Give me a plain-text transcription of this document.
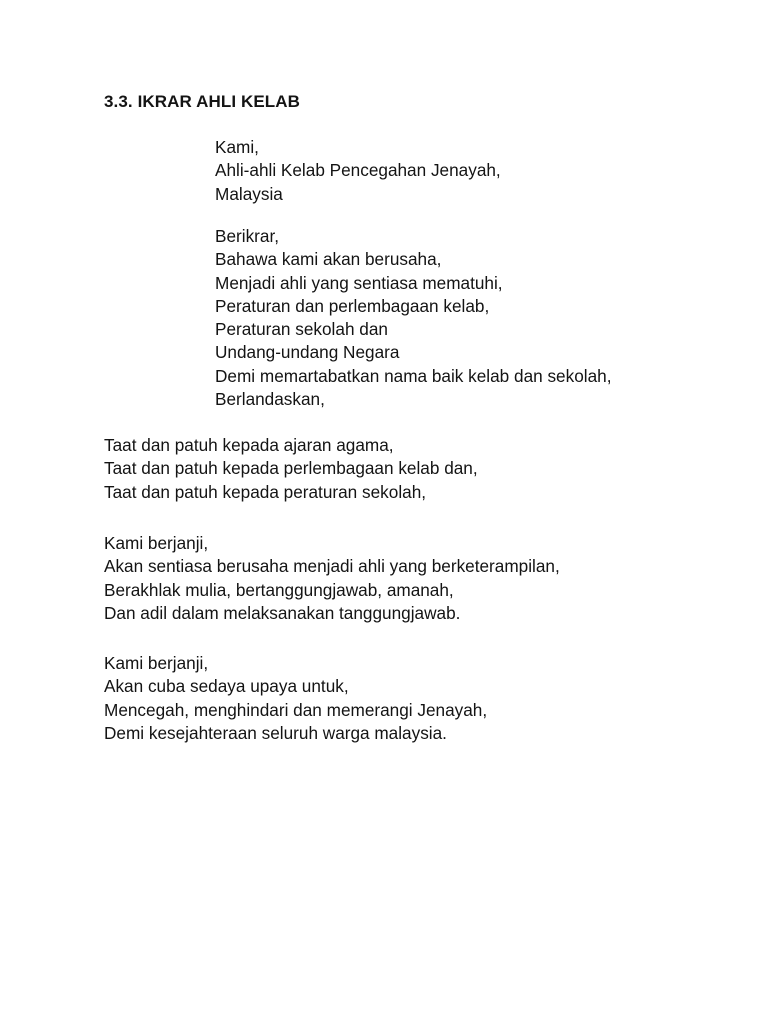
3.3. IKRAR AHLI KELAB
Kami,
Ahli-ahli Kelab Pencegahan Jenayah,
Malaysia
Berikrar,
Bahawa kami akan berusaha,
Menjadi ahli yang sentiasa mematuhi,
Peraturan dan perlembagaan kelab,
Peraturan sekolah dan
Undang-undang Negara
Demi memartabatkan nama baik kelab dan sekolah,
Berlandaskan,
Taat dan patuh kepada ajaran agama,
Taat dan patuh kepada perlembagaan kelab dan,
Taat dan patuh kepada peraturan sekolah,
Kami berjanji,
Akan sentiasa berusaha menjadi ahli yang berketerampilan,
Berakhlak mulia, bertanggungjawab, amanah,
Dan adil dalam melaksanakan tanggungjawab.
Kami berjanji,
Akan cuba sedaya upaya untuk,
Mencegah, menghindari dan memerangi Jenayah,
Demi kesejahteraan seluruh warga malaysia.
